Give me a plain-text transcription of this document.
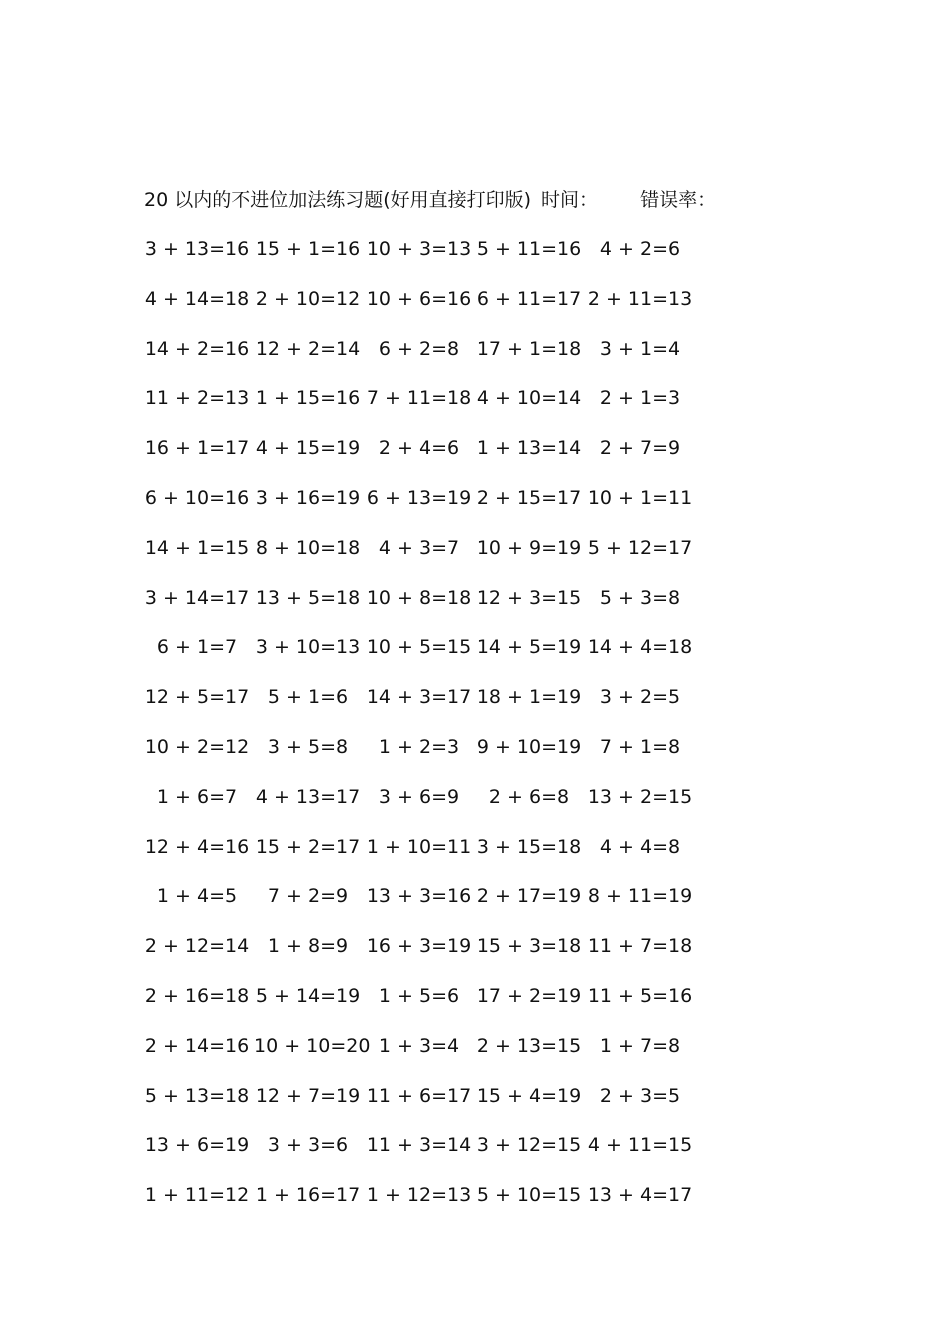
20 以内的不进位加法练习题(好用直接打印版) 时间： 错误率：
3 + 13=16 15 + 1=16 10 + 3=13 5 + 11=16 4 + 2=6
4 + 14=18 2 + 10=12 10 + 6=16 6 + 11=17 2 + 11=13
14 + 2=16 12 + 2=14 6 + 2=8 17 + 1=18 3 + 1=4
11 + 2=13 1 + 15=16 7 + 11=18 4 + 10=14 2 + 1=3
16 + 1=17 4 + 15=19 2 + 4=6 1 + 13=14 2 + 7=9
6 + 10=16 3 + 16=19 6 + 13=19 2 + 15=17 10 + 1=11
14 + 1=15 8 + 10=18 4 + 3=7 10 + 9=19 5 + 12=17
3 + 14=17 13 + 5=18 10 + 8=18 12 + 3=15 5 + 3=8
6 + 1=7 3 + 10=13 10 + 5=15 14 + 5=19 14 + 4=18
12 + 5=17 5 + 1=6 14 + 3=17 18 + 1=19 3 + 2=5
10 + 2=12 3 + 5=8	1 + 2=3 9 + 10=19 7 + 1=8
1 + 6=7 4 + 13=17 3 + 6=9	2 + 6=8 13 + 2=15
12 + 4=16 15 + 2=17 1 + 10=11 3 + 15=18 4 + 4=8
1 + 4=5	7 + 2=9 13 + 3=16 2 + 17=19 8 + 11=19
2 + 12=14 1 + 8=9 16 + 3=19 15 + 3=18 11 + 7=18
2 + 16=18 5 + 14=19 1 + 5=6 17 + 2=19 11 + 5=16
2 + 14=16 10 + 10=20 1 + 3=4 2 + 13=15 1 + 7=8
5 + 13=18 12 + 7=19 11 + 6=17 15 + 4=19 2 + 3=5
13 + 6=19 3 + 3=6 11 + 3=14 3 + 12=15 4 + 11=15
1 + 11=12 1 + 16=17 1 + 12=13 5 + 10=15 13 + 4=17
